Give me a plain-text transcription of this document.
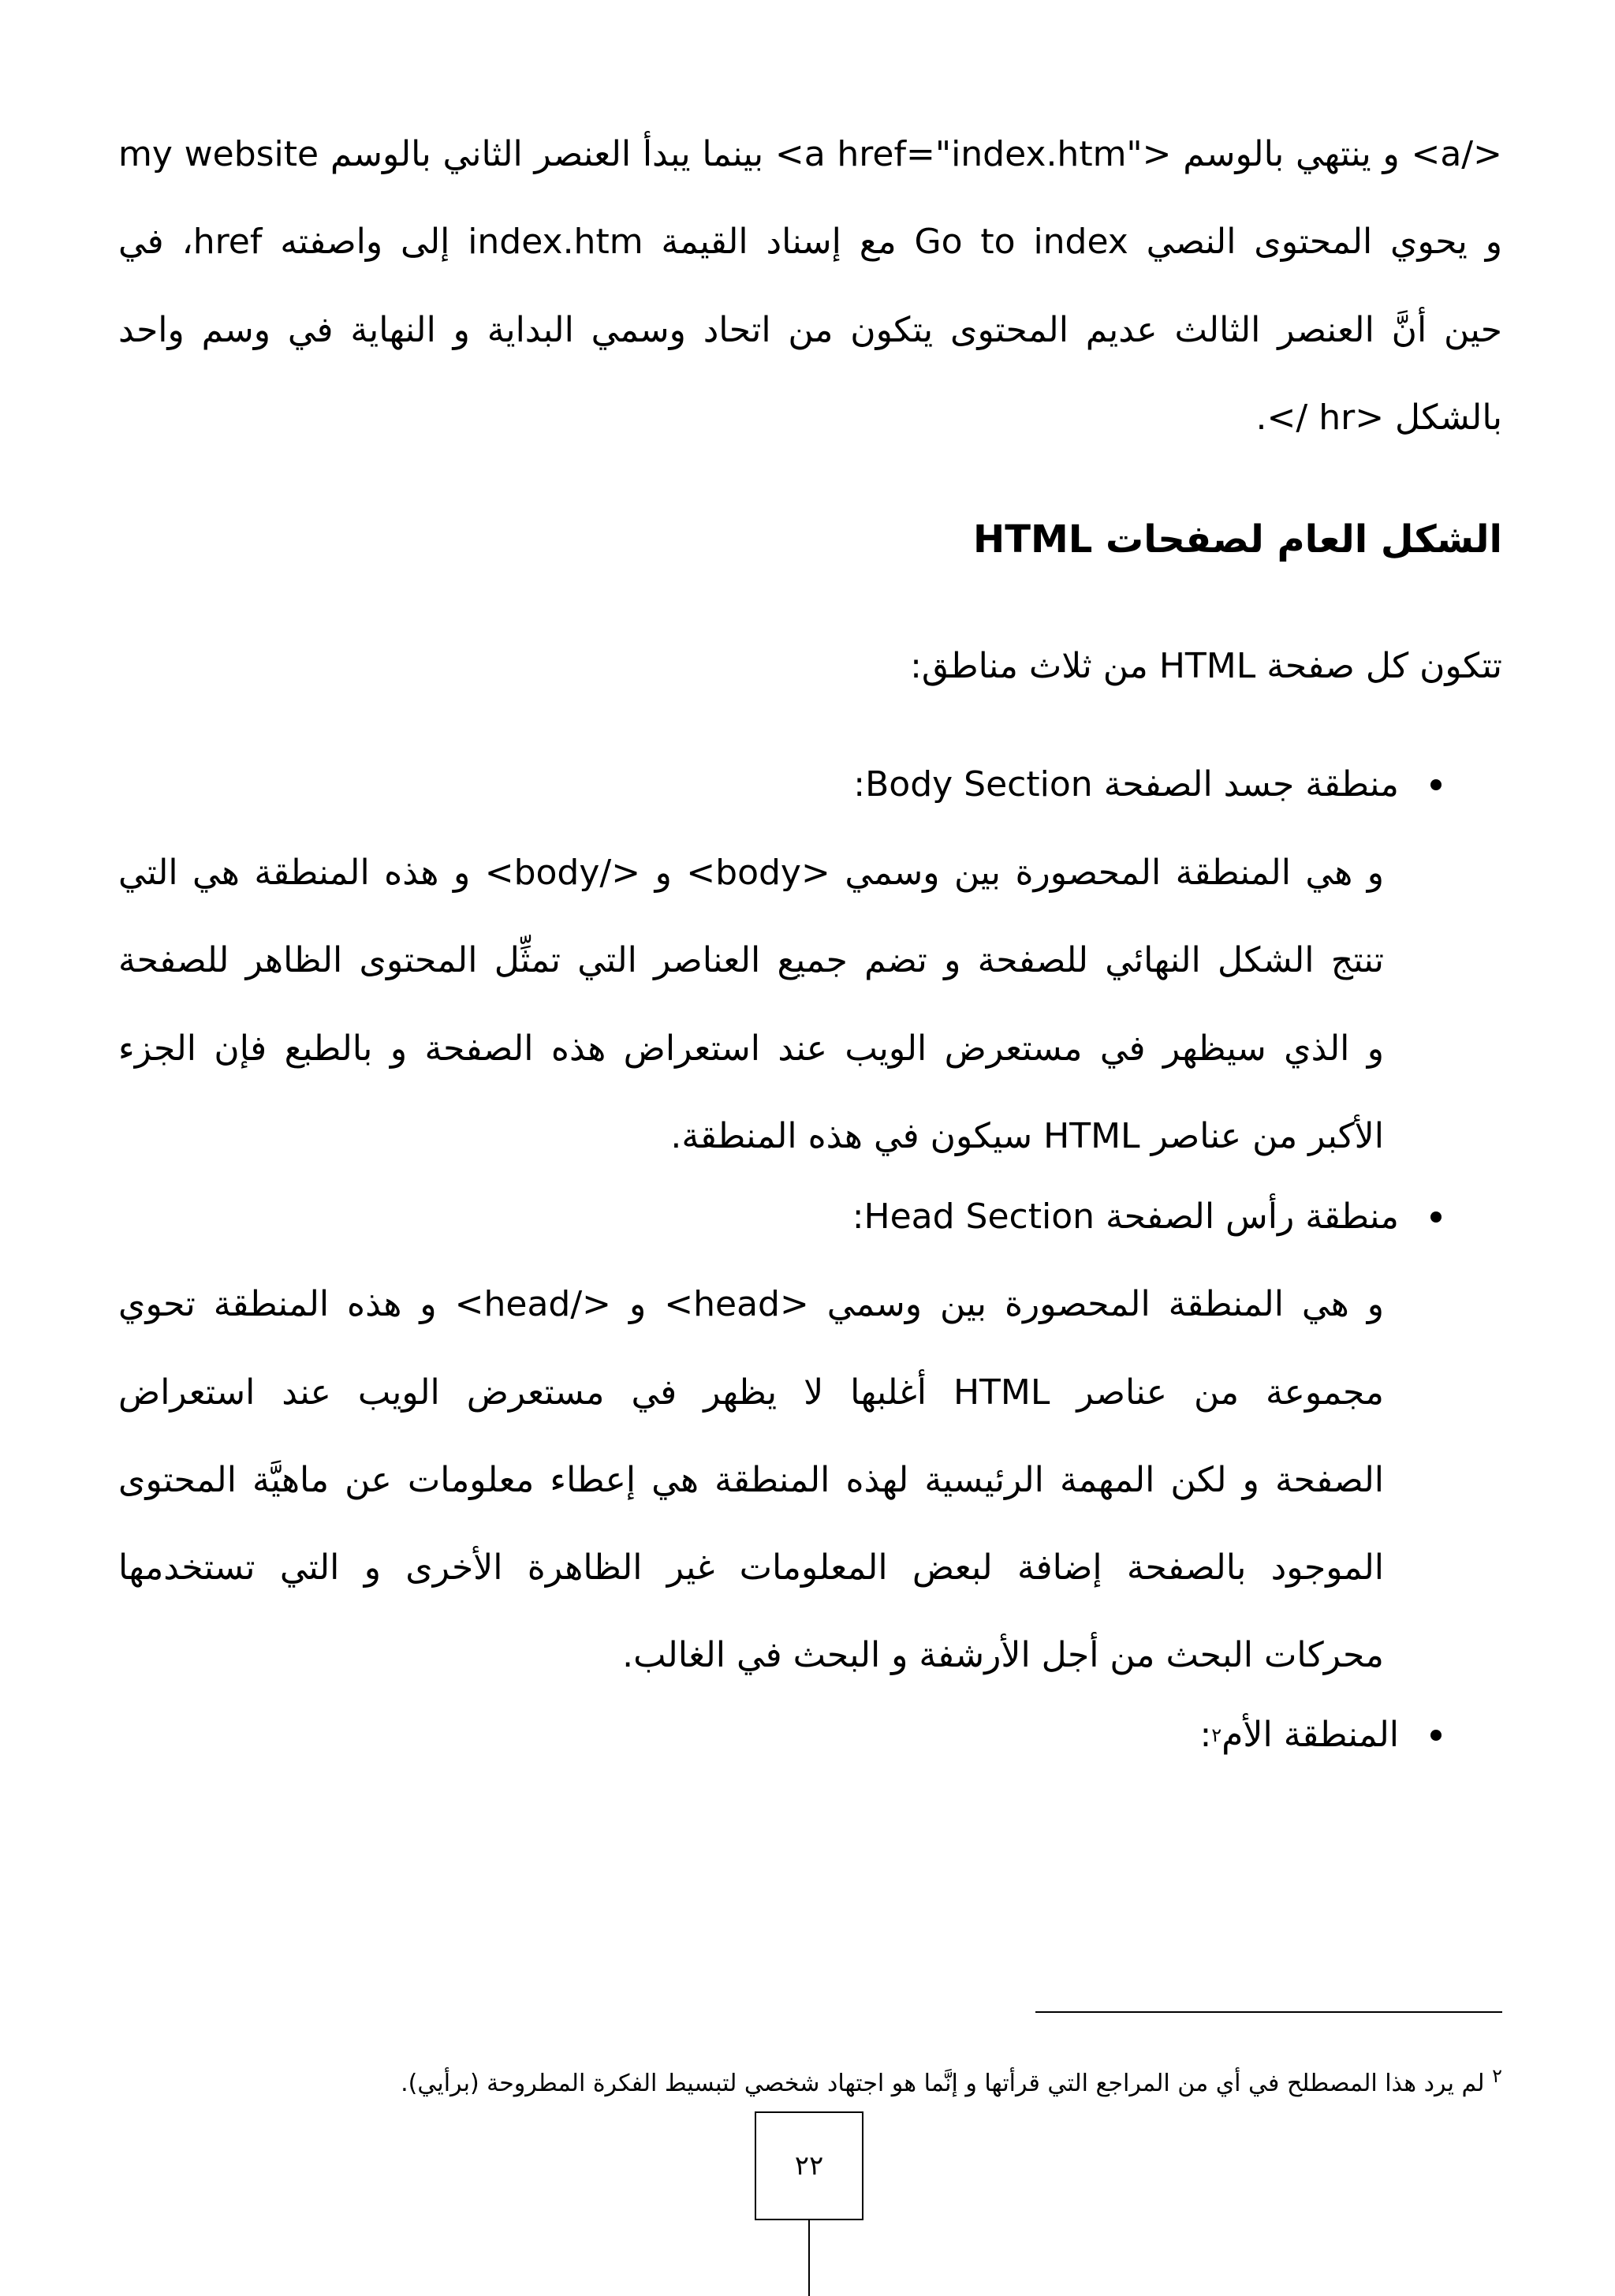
my website بينما يبدأ العنصر الثاني بالوسم <a href="index.htm"> و ينتهي بالوسم <a/>
و يحوي المحتوى النصي Go to index مع إسناد القيمة index.htm إلى واصفته href، في
حين أنَّ العنصر الثالث عديم المحتوى يتكون من اتحاد وسمي البداية و النهاية في وسم واحد
بالشكل <hr />.
الشكل العام لصفحات HTML
تتكون كل صفحة HTML من ثلاث مناطق:
منطقة جسد الصفحة Body Section:
و هي المنطقة المحصورة بين وسمي <body> و </body> و هذه المنطقة هي التي
تنتج الشكل النهائي للصفحة و تضم جميع العناصر التي تمثِّل المحتوى الظاهر للصفحة
و الذي سيظهر في مستعرض الويب عند استعراض هذه الصفحة و بالطبع فإن الجزء
الأكبر من عناصر HTML سيكون في هذه المنطقة.
منطقة رأس الصفحة Head Section:
و هي المنطقة المحصورة بين وسمي <head> و </head> و هذه المنطقة تحوي
مجموعة من عناصر HTML أغلبها لا يظهر في مستعرض الويب عند استعراض
الصفحة و لكن المهمة الرئيسية لهذه المنطقة هي إعطاء معلومات عن ماهيَّة المحتوى
الموجود بالصفحة إضافة لبعض المعلومات غير الظاهرة الأخرى و التي تستخدمها
محركات البحث من أجل الأرشفة و البحث في الغالب.
المنطقة الأم
٢
:
$^٢$ لم يرد هذا المصطلح في أي من المراجع التي قرأتها و إنَّما هو اجتهاد شخصي لتبسيط الفكرة المطروحة (برأيي).
٢٢
